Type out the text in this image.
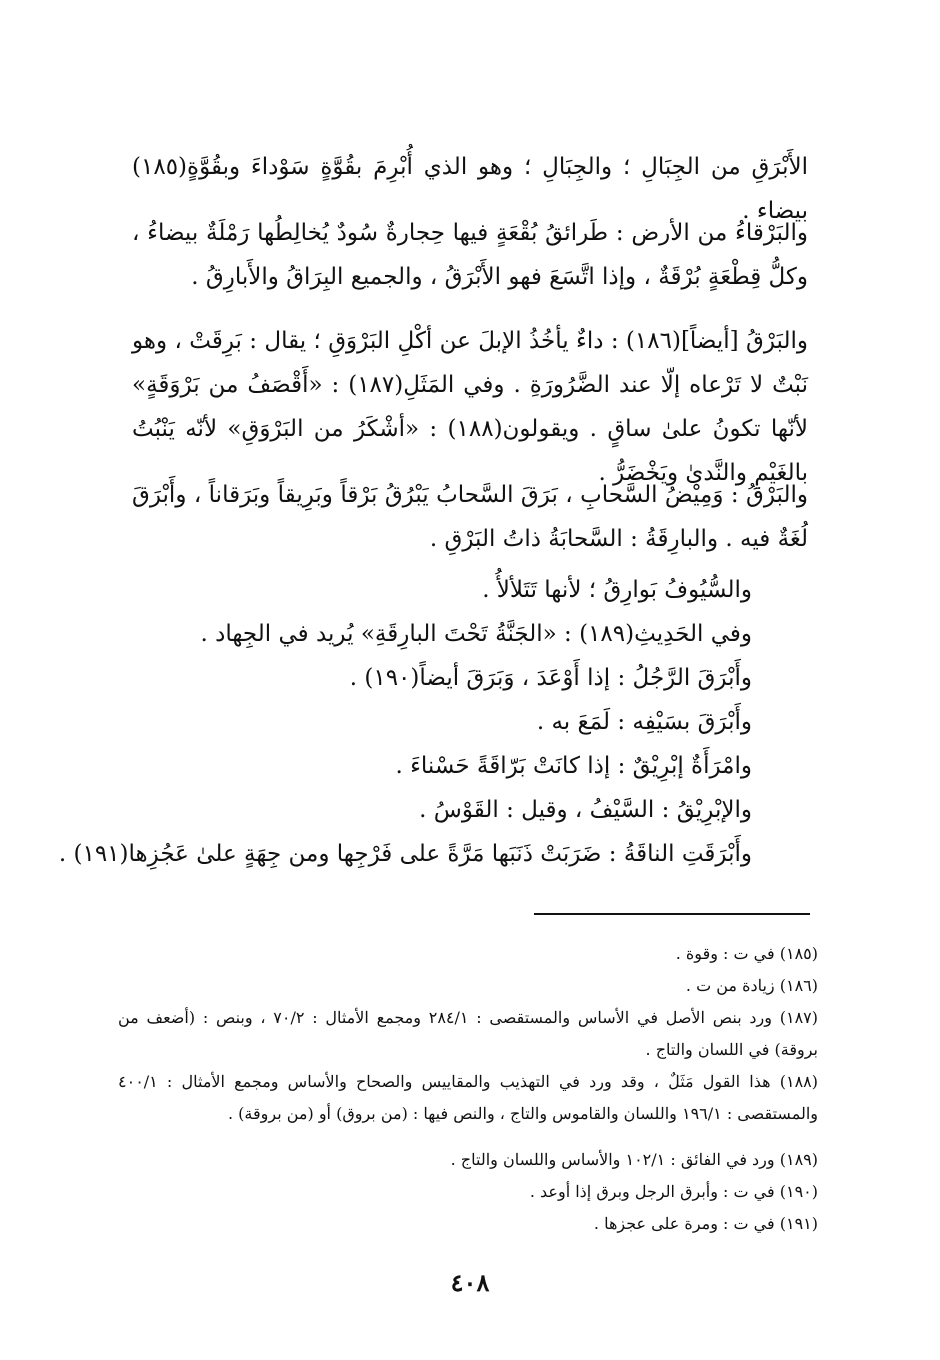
الأَبْرَقِ من الجِبَالِ ؛ والجِبَالِ ؛ وهو الذي أُبْرِمَ بقُوَّةٍ سَوْداءَ وبقُوَّةٍ(١٨٥) بيضاء .

والبَرْقاءُ من الأرض : طَرائقُ بُقْعَةٍ فيها حِجارةٌ سُودٌ يُخالِطُها رَمْلَةٌ بيضاءُ ، وكلُّ قِطْعَةٍ بُرْقَةٌ ، وإذا اتَّسَعَ فهو الأَبْرَقُ ، والجميع البِرَاقُ والأَبارِقُ .

والبَرْقُ [أيضاً](١٨٦) : داءٌ يأخُذُ الإبلَ عن أكْلِ البَرْوَقِ ؛ يقال : بَرِقَتْ ، وهو نَبْتٌ لا تَرْعاه إلّا عند الضَّرُورَةِ . وفي المَثَلِ(١٨٧) : «أَقْصَفُ من بَرْوَقَةٍ» لأنّها تكونُ علىٰ ساقٍ . ويقولون(١٨٨) : «أشْكَرُ من البَرْوَقِ» لأنّه يَنْبُتُ بالغَيْمِ والنَّدىٰ ويَخْضَرُّ .

والبَرْقُ : وَمِيْضُ السَّحابِ ، بَرَقَ السَّحابُ يَبْرُقُ بَرْقاً وبَرِيقاً وبَرَقاناً ، وأَبْرَقَ لُغَةٌ فيه . والبارِقَةُ : السَّحابَةُ ذاتُ البَرْقِ .

والسُّيُوفُ بَوارِقُ ؛ لأنها تَتَلألأُ .
وفي الحَدِيثِ(١٨٩) : «الجَنَّةُ تَحْتَ البارِقَةِ» يُريد في الجِهاد .
وأَبْرَقَ الرَّجُلُ : إذا أَوْعَدَ ، وَبَرَقَ أيضاً(١٩٠) .
وأَبْرَقَ بسَيْفِه : لَمَعَ به .
وامْرَأَةٌ إبْرِيْقٌ : إذا كانَتْ بَرّاقَةً حَسْناءَ .
والإبْرِيْقُ : السَّيْفُ ، وقيل : القَوْسُ .
وأَبْرَقَتِ الناقَةُ : ضَرَبَتْ ذَنَبَها مَرَّةً على فَرْجِها ومن جِهَةٍ علىٰ عَجُزِها(١٩١) .
(١٨٥) في ت : وقوة .
(١٨٦) زيادة من ت .
(١٨٧) ورد بنص الأصل في الأساس والمستقصى : ٢٨٤/١ ومجمع الأمثال : ٧٠/٢ ، وبنص : (أضعف من بروقة) في اللسان والتاج .
(١٨٨) هذا القول مَثَلٌ ، وقد ورد في التهذيب والمقاييس والصحاح والأساس ومجمع الأمثال : ٤٠٠/١ والمستقصى : ١٩٦/١ واللسان والقاموس والتاج ، والنص فيها : (من بروق) أو (من بروقة) .
(١٨٩) ورد في الفائق : ١٠٢/١ والأساس واللسان والتاج .
(١٩٠) في ت : وأبرق الرجل وبرق إذا أوعد .
(١٩١) في ت : ومرة على عجزها .
٤٠٨
